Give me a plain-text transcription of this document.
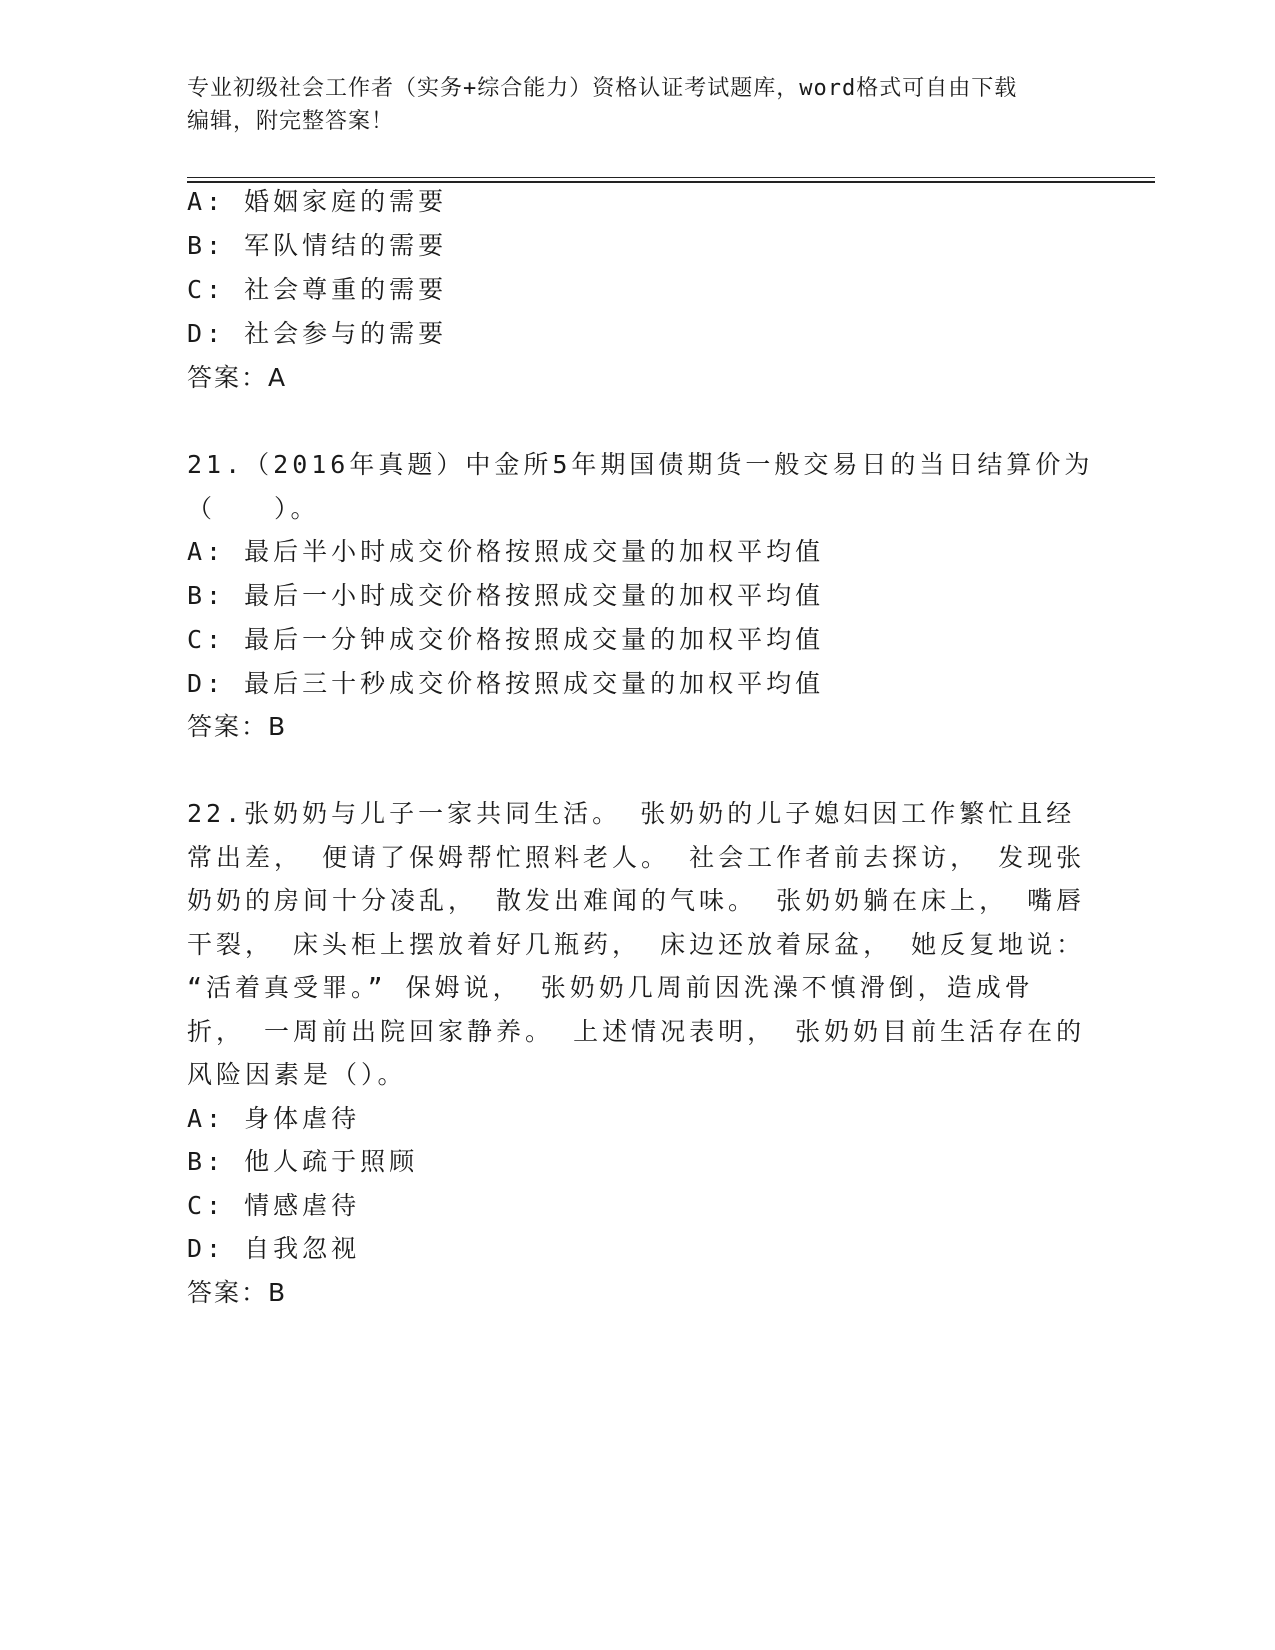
专业初级社会工作者（实务+综合能力）资格认证考试题库，word格式可自由下载
编辑，附完整答案！
A: 婚姻家庭的需要
B: 军队情结的需要
C: 社会尊重的需要
D: 社会参与的需要
答案：A
21.（2016年真题）中金所5年期国债期货一般交易日的当日结算价为
（　　）。
A: 最后半小时成交价格按照成交量的加权平均值
B: 最后一小时成交价格按照成交量的加权平均值
C: 最后一分钟成交价格按照成交量的加权平均值
D: 最后三十秒成交价格按照成交量的加权平均值
答案：B
22.张奶奶与儿子一家共同生活。 张奶奶的儿子媳妇因工作繁忙且经
常出差， 便请了保姆帮忙照料老人。 社会工作者前去探访， 发现张
奶奶的房间十分凌乱， 散发出难闻的气味。 张奶奶躺在床上， 嘴唇
干裂， 床头柜上摆放着好几瓶药， 床边还放着尿盆， 她反复地说：
“活着真受罪。” 保姆说， 张奶奶几周前因洗澡不慎滑倒，造成骨
折， 一周前出院回家静养。 上述情况表明， 张奶奶目前生活存在的
风险因素是（）。
A: 身体虐待
B: 他人疏于照顾
C: 情感虐待
D: 自我忽视
答案：B
